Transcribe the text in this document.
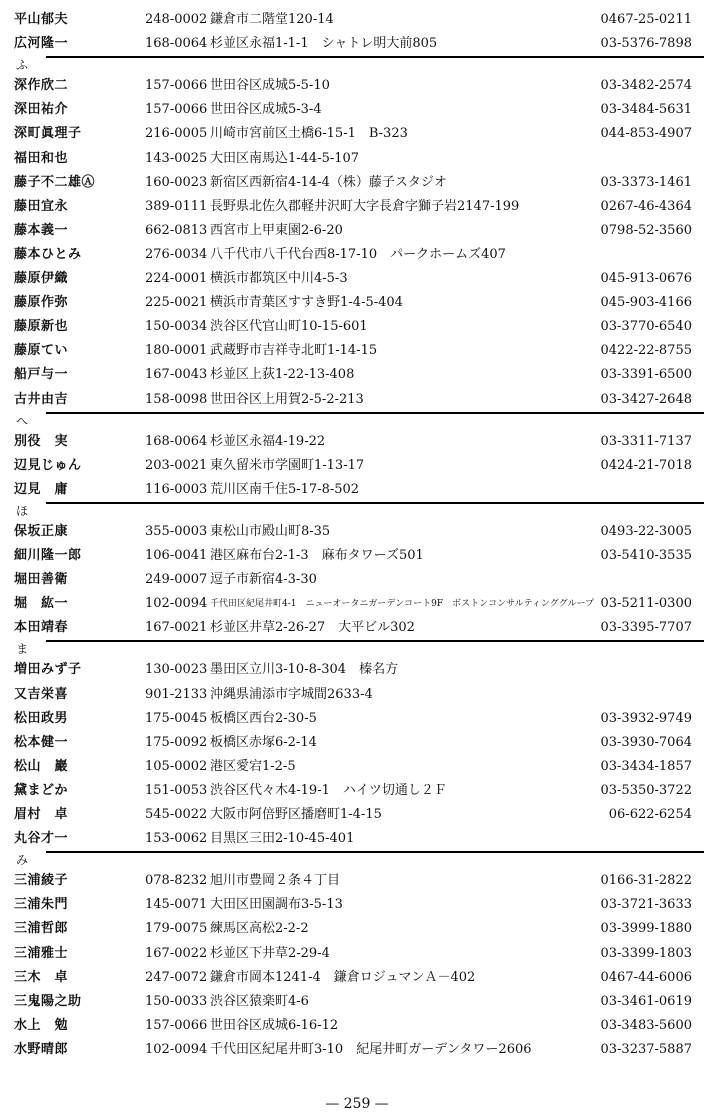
平山郁夫	248-0002 鎌倉市二階堂120-14	0467-25-0211
広河隆一	168-0064 杉並区永福1-1-1　シャトレ明大前805	03-5376-7898
ふ
深作欣二	157-0066 世田谷区成城5-5-10	03-3482-2574
深田祐介	157-0066 世田谷区成城5-3-4	03-3484-5631
深町眞理子	216-0005 川崎市宮前区土橋6-15-1　B-323	044-853-4907
福田和也	143-0025 大田区南馬込1-44-5-107
藤子不二雄Ⓐ	160-0023 新宿区西新宿4-14-4（株）藤子スタジオ	03-3373-1461
藤田宜永	389-0111 長野県北佐久郡軽井沢町大字長倉字獅子岩2147-199	0267-46-4364
藤本義一	662-0813 西宮市上甲東園2-6-20	0798-52-3560
藤本ひとみ	276-0034 八千代市八千代台西8-17-10　パークホームズ407
藤原伊織	224-0001 横浜市都筑区中川4-5-3	045-913-0676
藤原作弥	225-0021 横浜市青葉区すすき野1-4-5-404	045-903-4166
藤原新也	150-0034 渋谷区代官山町10-15-601	03-3770-6540
藤原てい	180-0001 武蔵野市吉祥寺北町1-14-15	0422-22-8755
船戸与一	167-0043 杉並区上荻1-22-13-408	03-3391-6500
古井由吉	158-0098 世田谷区上用賀2-5-2-213	03-3427-2648
へ
別役　実	168-0064 杉並区永福4-19-22	03-3311-7137
辺見じゅん	203-0021 東久留米市学園町1-13-17	0424-21-7018
辺見　庸	116-0003 荒川区南千住5-17-8-502
ほ
保坂正康	355-0003 東松山市殿山町8-35	0493-22-3005
細川隆一郎	106-0041 港区麻布台2-1-3　麻布タワーズ501	03-5410-3535
堀田善衛	249-0007 逗子市新宿4-3-30
堀　紘一	102-0094 千代田区紀尾井町4-1　ニューオータニガーデンコート9F　ボストンコンサルティンググループ 03-5211-0300
本田靖春	167-0021 杉並区井草2-26-27　大平ビル302	03-3395-7707
ま
増田みず子	130-0023 墨田区立川3-10-8-304　榛名方
又吉栄喜	901-2133 沖縄県浦添市字城間2633-4
松田政男	175-0045 板橋区西台2-30-5	03-3932-9749
松本健一	175-0092 板橋区赤塚6-2-14	03-3930-7064
松山　巖	105-0002 港区愛宕1-2-5	03-3434-1857
黛まどか	151-0053 渋谷区代々木4-19-1　ハイツ切通し２Ｆ	03-5350-3722
眉村　卓	545-0022 大阪市阿倍野区播磨町1-4-15	06-622-6254
丸谷才一	153-0062 目黒区三田2-10-45-401
み
三浦綾子	078-8232 旭川市豊岡２条４丁目	0166-31-2822
三浦朱門	145-0071 大田区田園調布3-5-13	03-3721-3633
三浦哲郎	179-0075 練馬区高松2-2-2	03-3999-1880
三浦雅士	167-0022 杉並区下井草2-29-4	03-3399-1803
三木　卓	247-0072 鎌倉市岡本1241-4　鎌倉ロジュマンＡ－402	0467-44-6006
三鬼陽之助	150-0033 渋谷区猿楽町4-6	03-3461-0619
水上　勉	157-0066 世田谷区成城6-16-12	03-3483-5600
水野晴郎	102-0094 千代田区紀尾井町3-10　紀尾井町ガーデンタワー2606	03-3237-5887
— 259 —
